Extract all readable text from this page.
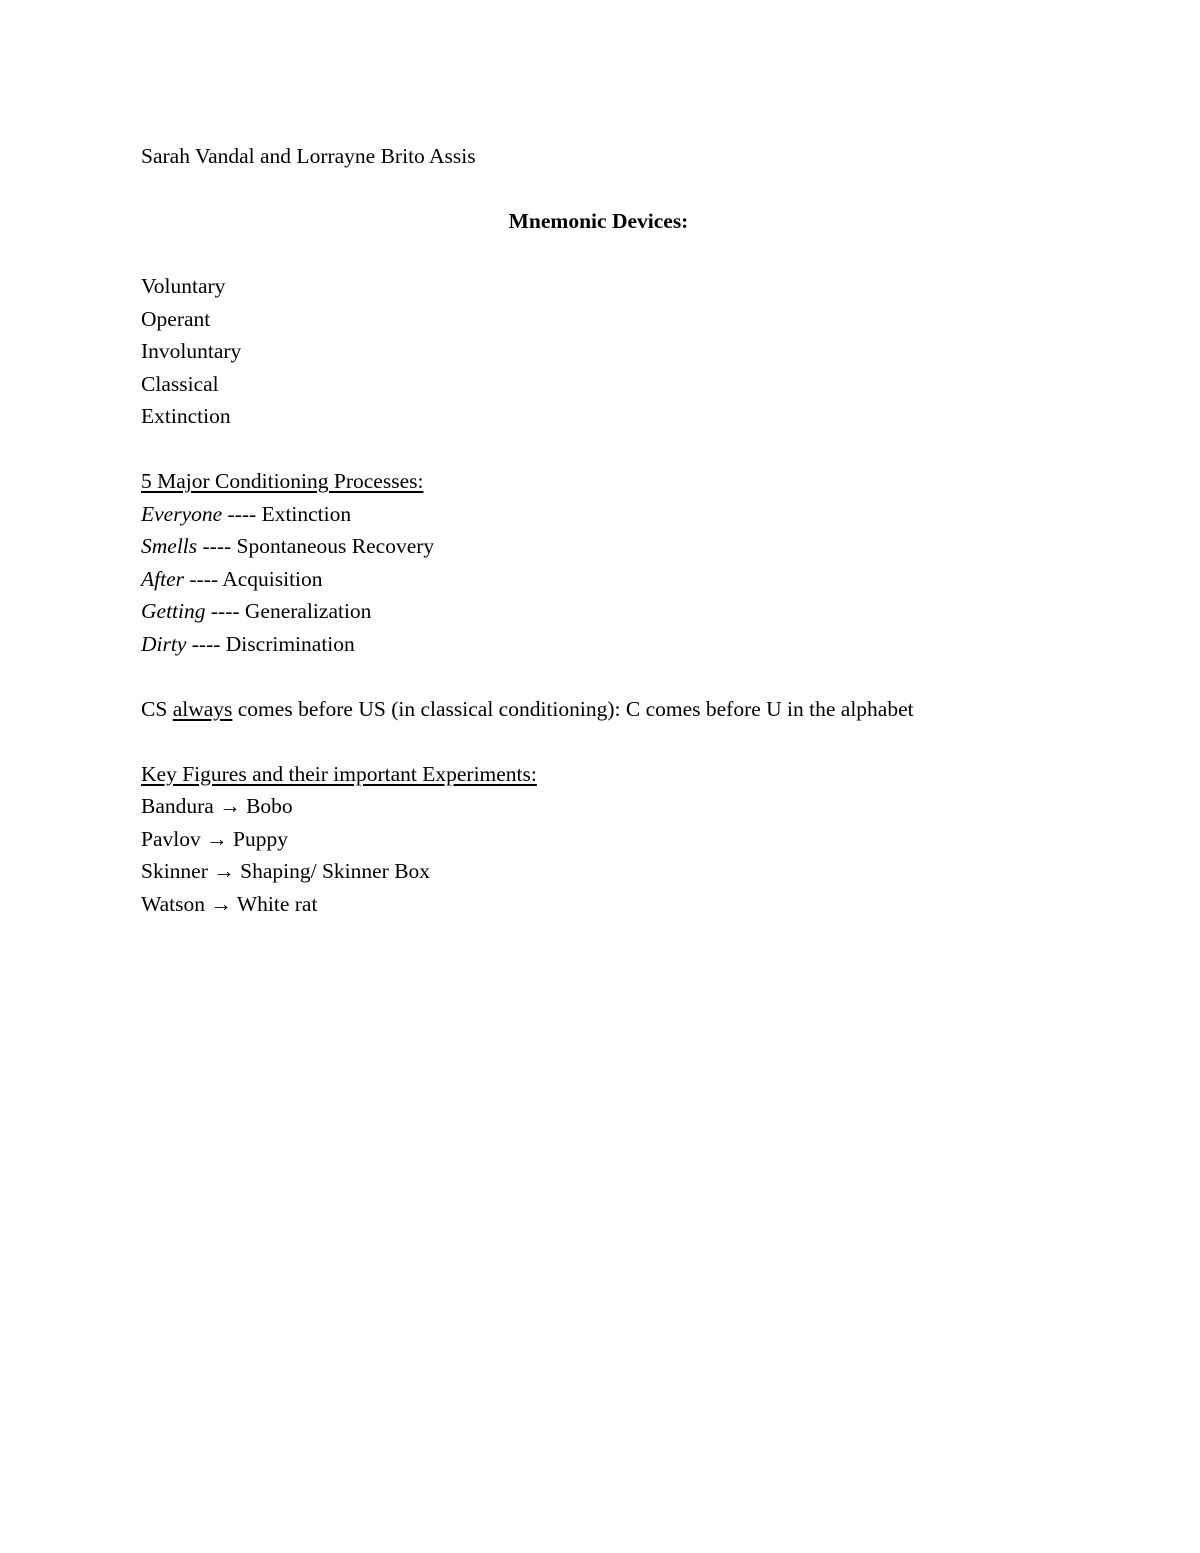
Sarah Vandal and Lorrayne Brito Assis
Mnemonic Devices:
Voluntary
Operant
Involuntary
Classical
Extinction
5 Major Conditioning Processes:
Everyone ---- Extinction
Smells ---- Spontaneous Recovery
After ---- Acquisition
Getting ---- Generalization
Dirty ---- Discrimination
CS always comes before US (in classical conditioning): C comes before U in the alphabet
Key Figures and their important Experiments:
Bandura → Bobo
Pavlov → Puppy
Skinner → Shaping/ Skinner Box
Watson → White rat
